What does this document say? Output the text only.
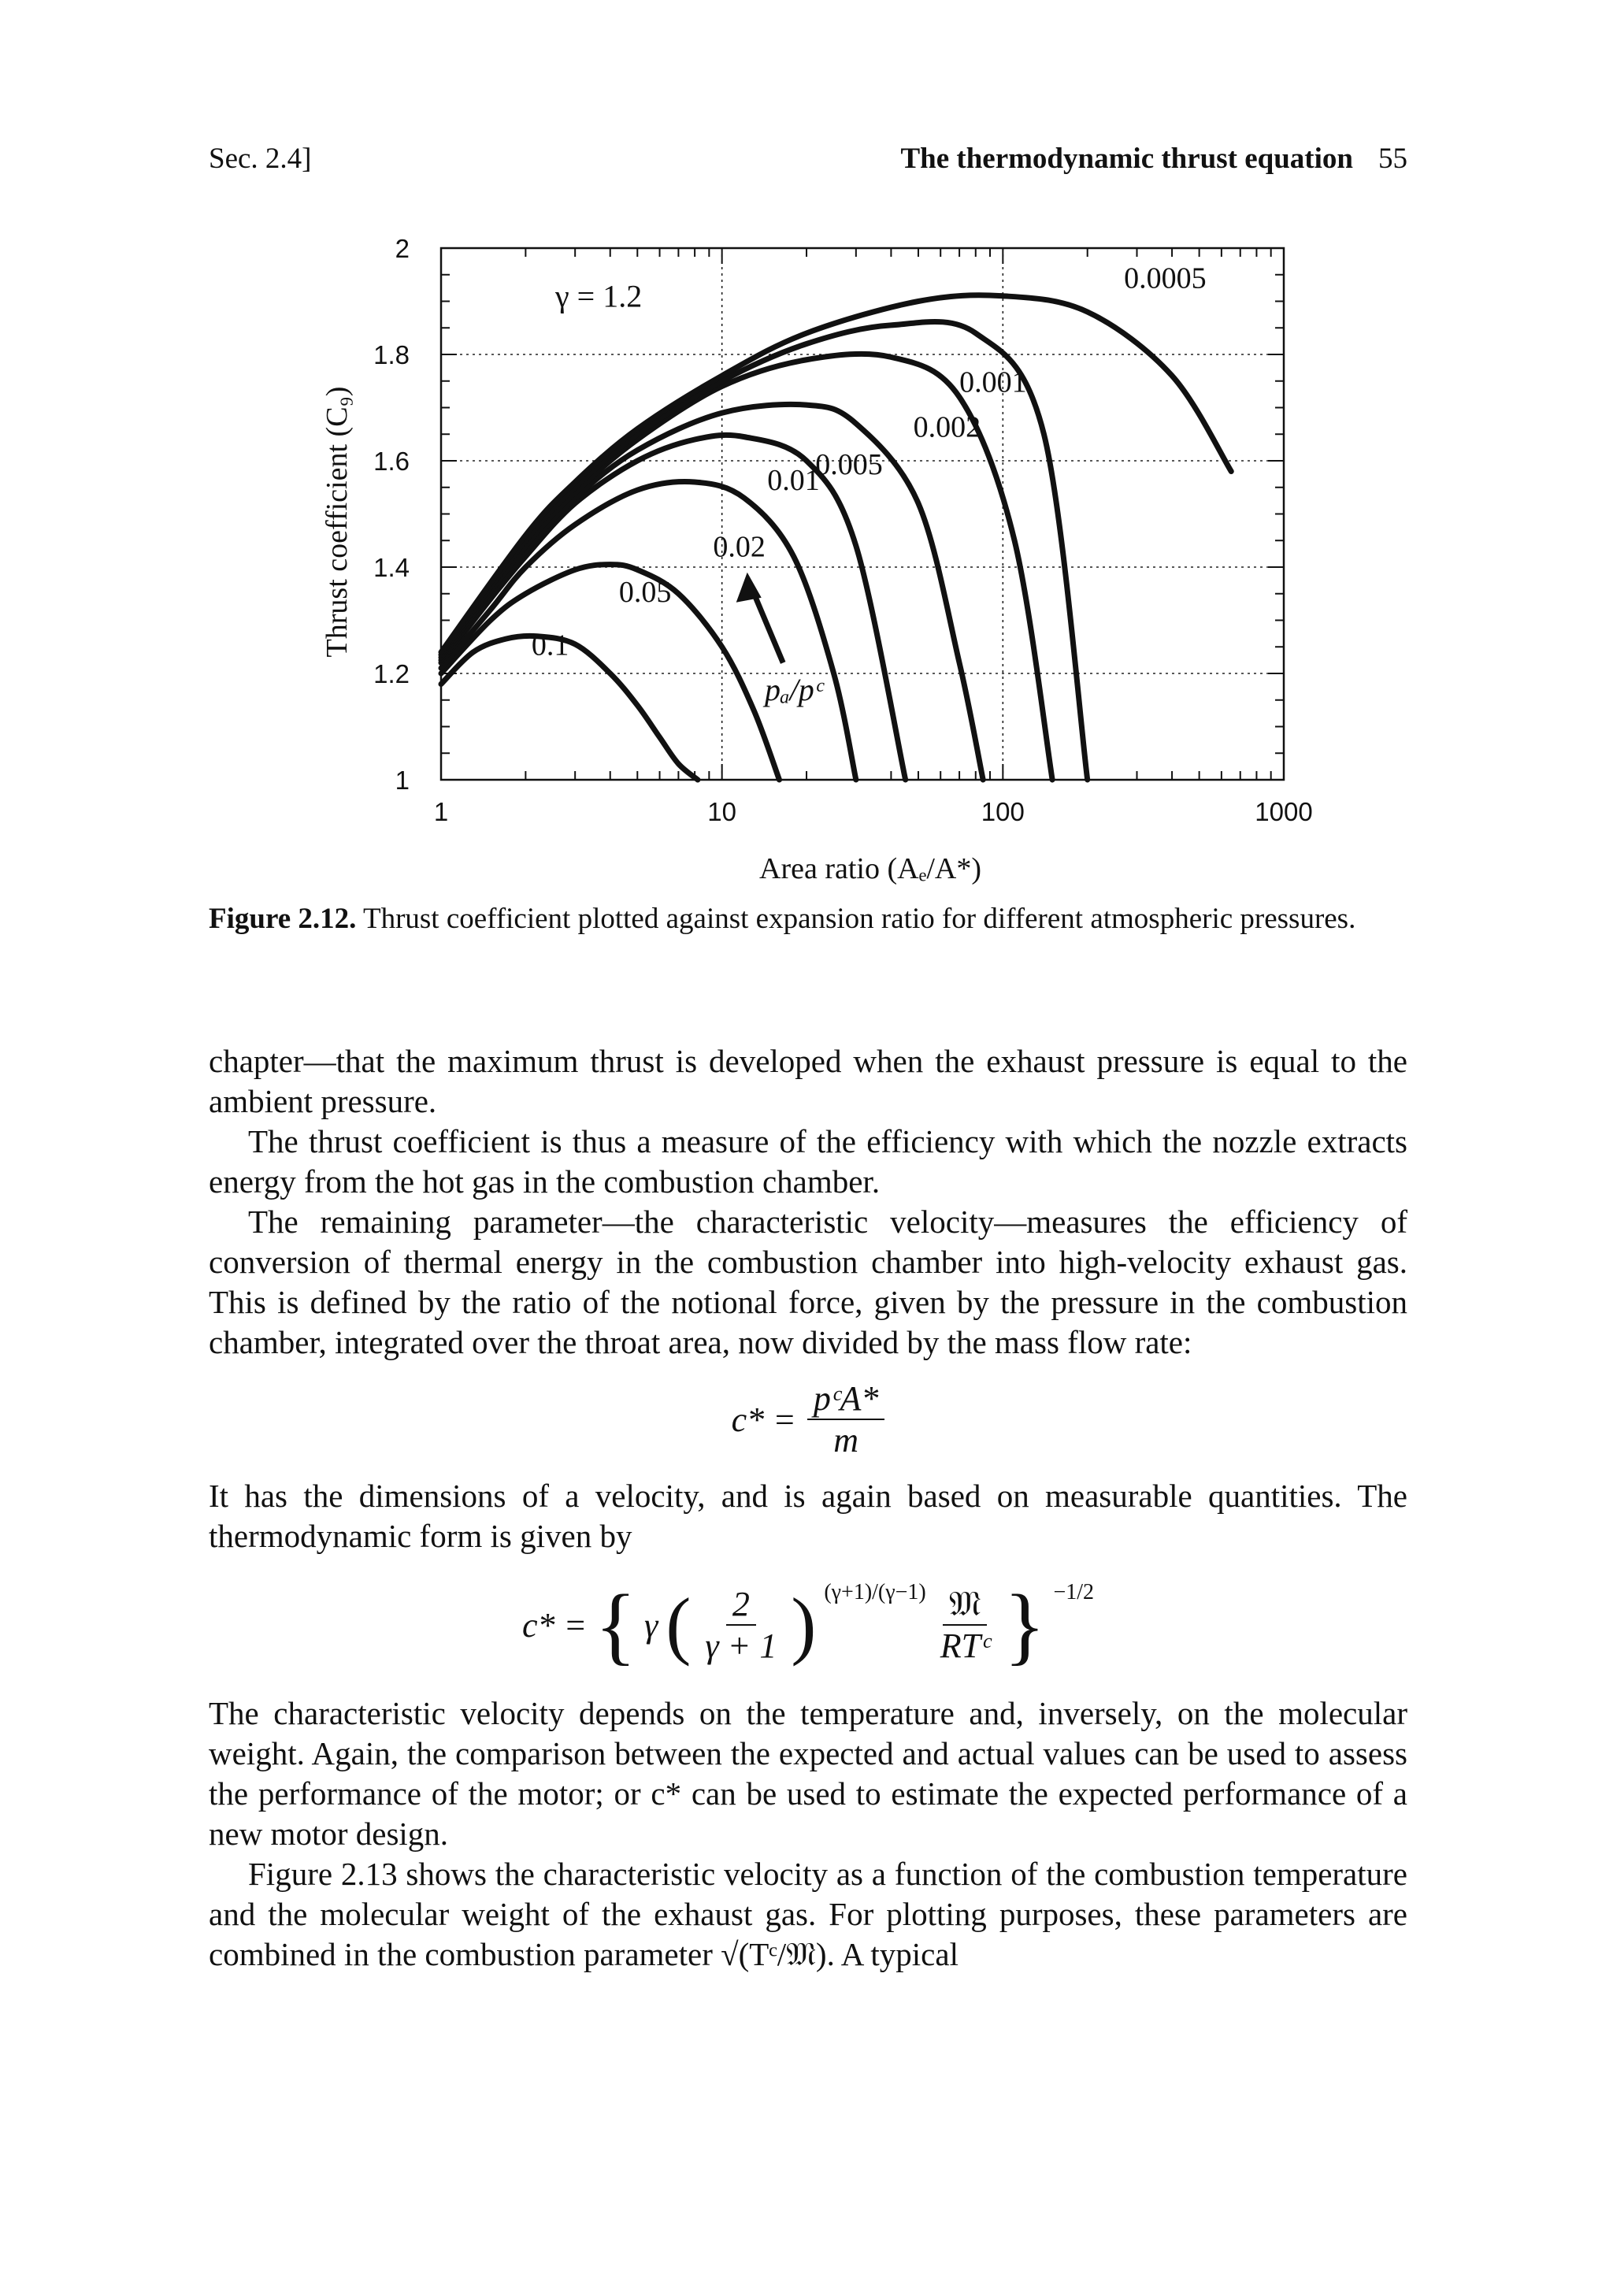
Sec. 2.4]	The thermodynamic thrust equation 55
1	10	100	1000
1
1.2
1.4
1.6
1.8
2
Area ratio (Aₑ/A*)
Thrust coefficient (C₉)	0.1
0.05
0.02
0.01
0.005
0.002
0.001
0.0005
γ = 1.2
pₐ/pᶜ
Figure 2.12. Thrust coefficient plotted against expansion ratio for different atmospheric pressures.

chapter—that the maximum thrust is developed when the exhaust pressure is equal to the ambient pressure.

The thrust coefficient is thus a measure of the efficiency with which the nozzle extracts energy from the hot gas in the combustion chamber.

The remaining parameter—the characteristic velocity—measures the efficiency of conversion of thermal energy in the combustion chamber into high-velocity exhaust gas. This is defined by the ratio of the notional force, given by the pressure in the combustion chamber, integrated over the throat area, now divided by the mass flow rate:

$c* = \frac{\text{pᶜA*}}{m}$

It has the dimensions of a velocity, and is again based on measurable quantities. The thermodynamic form is given by

c* = { γ ( $\frac{2}{\gamma + 1}$ ) $(\gamma+1)/(\gamma-1) \frac{\text{𝔐}}{\text{RTᶜ}}$ } −1/2

The characteristic velocity depends on the temperature and, inversely, on the molecular weight. Again, the comparison between the expected and actual values can be used to assess the performance of the motor; or c* can be used to estimate the expected performance of a new motor design.

Figure 2.13 shows the characteristic velocity as a function of the combustion temperature and the molecular weight of the exhaust gas. For plotting purposes, these parameters are combined in the combustion parameter √(Tᶜ/𝔐). A typical
